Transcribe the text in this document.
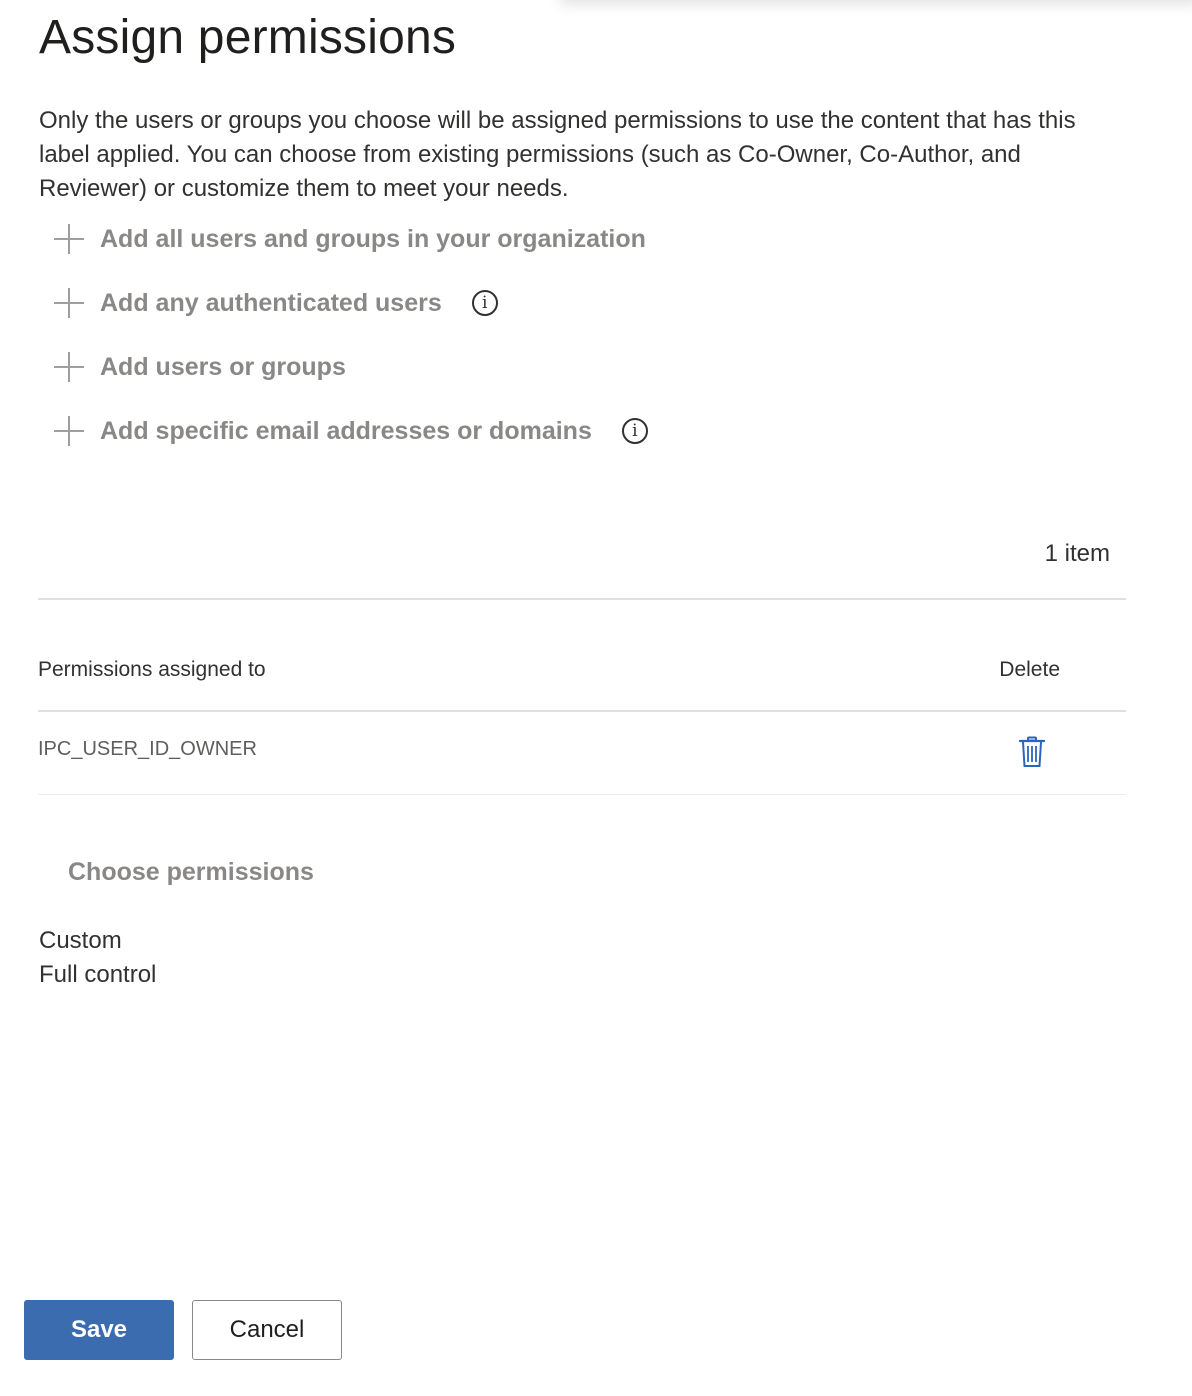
Assign permissions

Only the users or groups you choose will be assigned permissions to use the content that has this label applied. You can choose from existing permissions (such as Co-Owner, Co-Author, and Reviewer) or customize them to meet your needs.

Add all users and groups in your organization
Add any authenticated users	i
Add users or groups
Add specific email addresses or domains	i
1 item
Permissions assigned to	Delete
IPC_USER_ID_OWNER
Choose permissions
Custom
Full control
Save	Cancel
